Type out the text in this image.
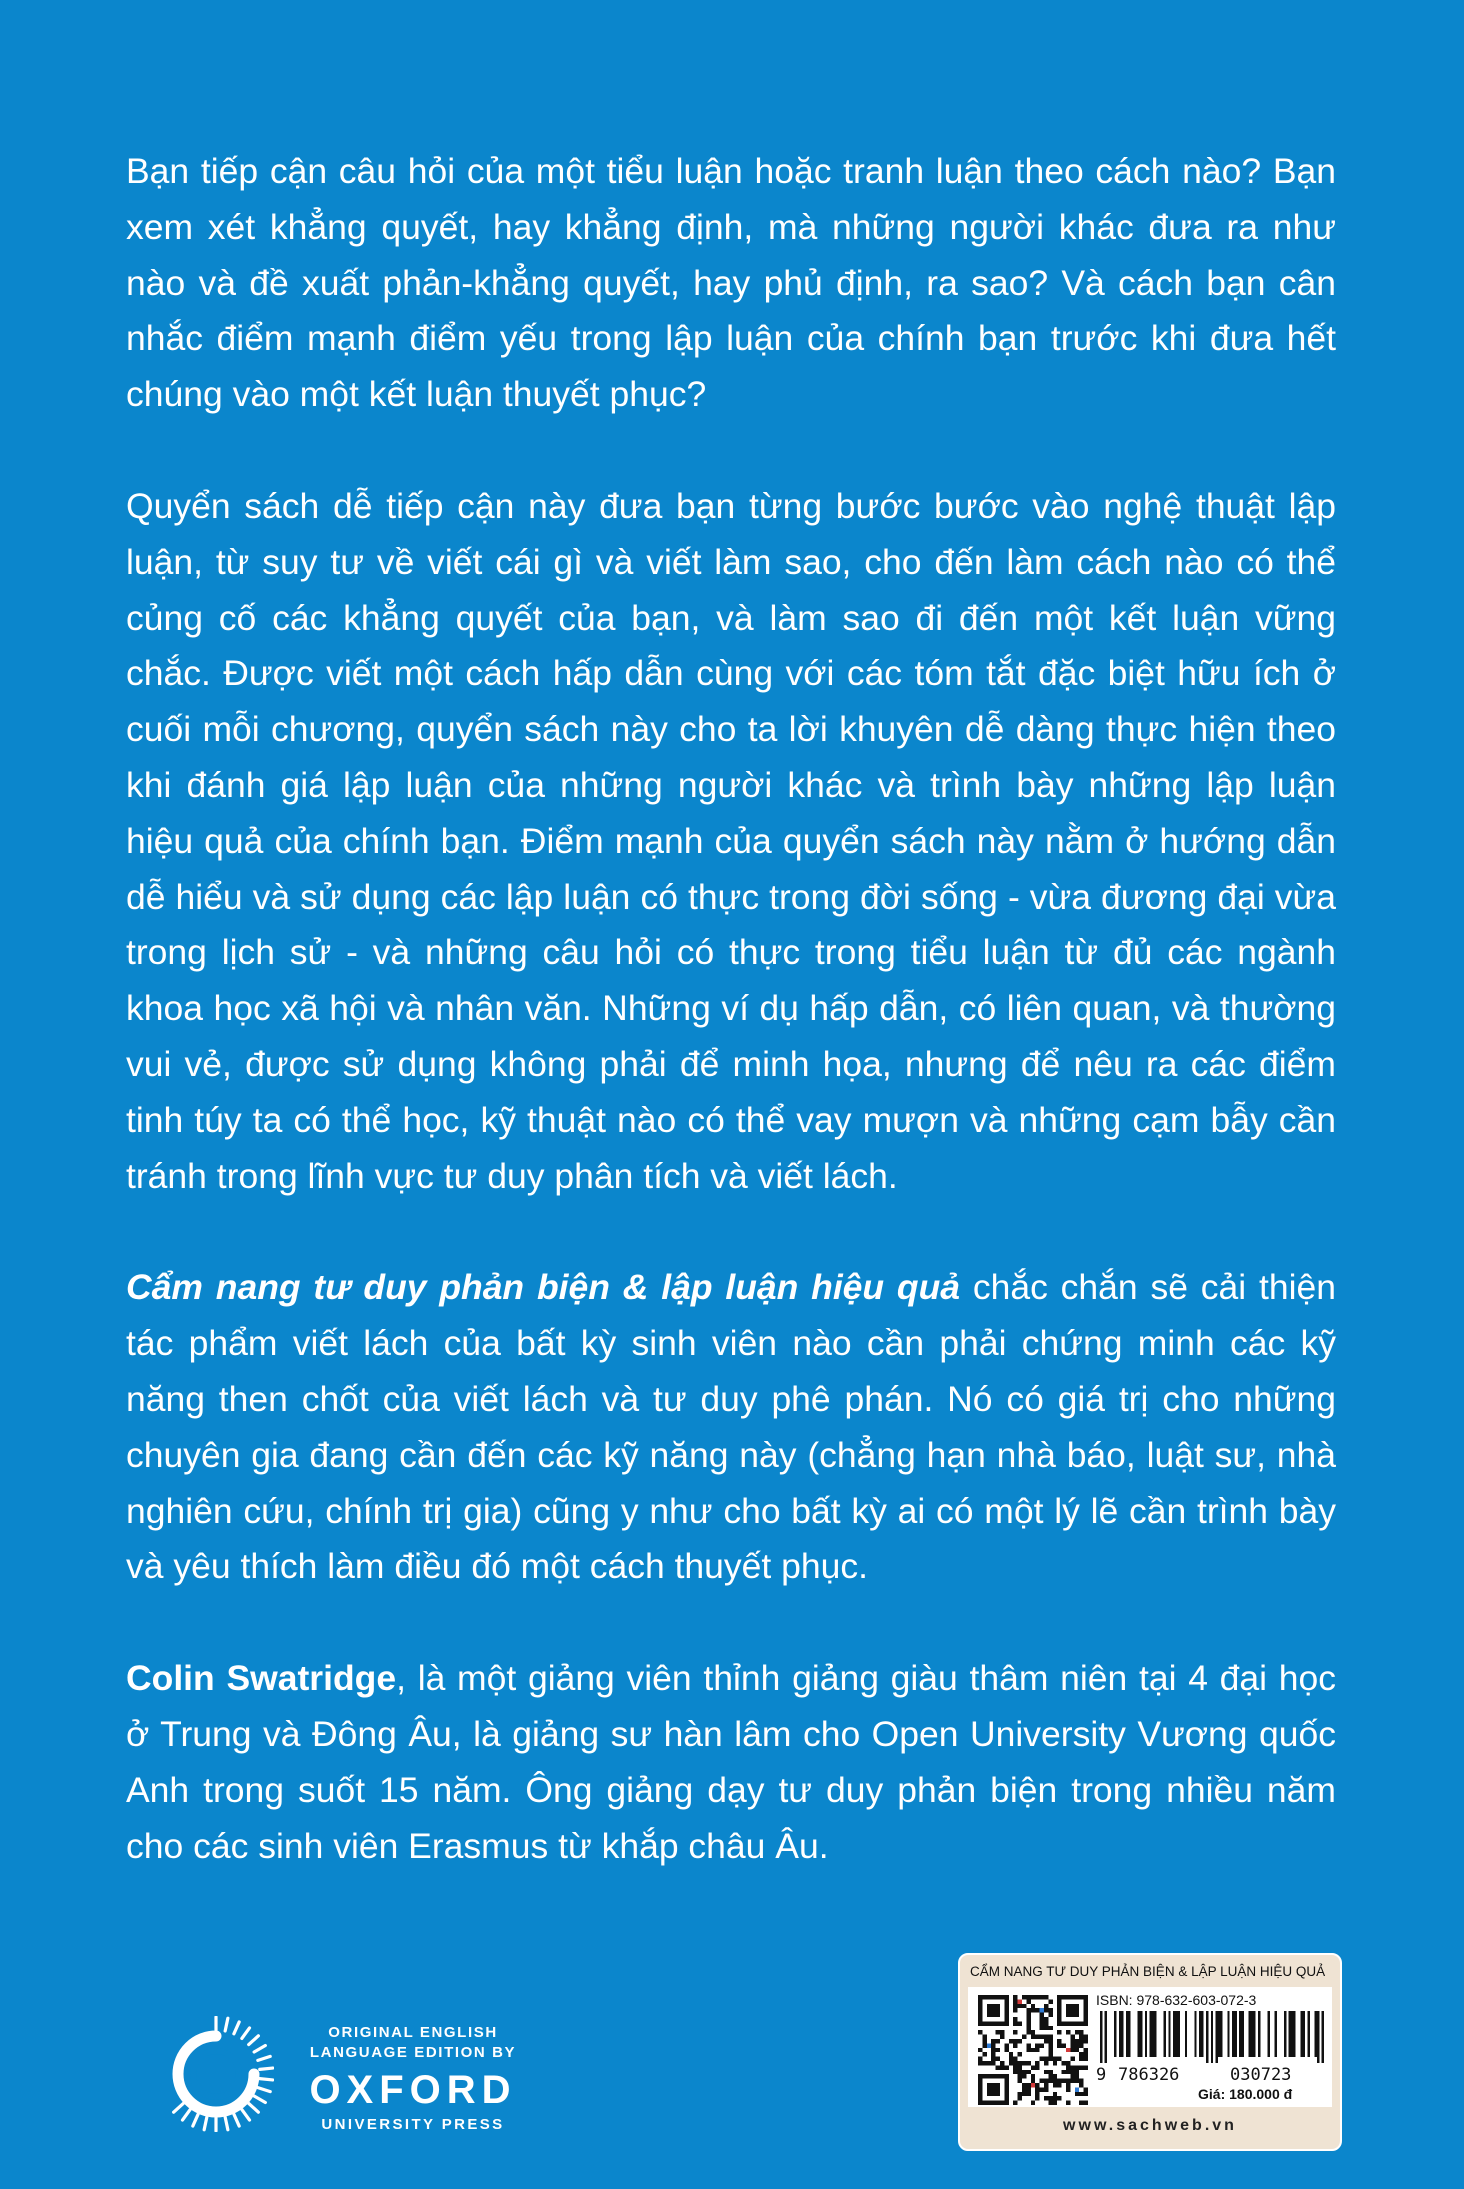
Bạn tiếp cận câu hỏi của một tiểu luận hoặc tranh luận theo cách nào? Bạn xem xét khẳng quyết, hay khẳng định, mà những người khác đưa ra như nào và đề xuất phản-khẳng quyết, hay phủ định, ra sao? Và cách bạn cân nhắc điểm mạnh điểm yếu trong lập luận của chính bạn trước khi đưa hết chúng vào một kết luận thuyết phục?

Quyển sách dễ tiếp cận này đưa bạn từng bước bước vào nghệ thuật lập luận, từ suy tư về viết cái gì và viết làm sao, cho đến làm cách nào có thể củng cố các khẳng quyết của bạn, và làm sao đi đến một kết luận vững chắc. Được viết một cách hấp dẫn cùng với các tóm tắt đặc biệt hữu ích ở cuối mỗi chương, quyển sách này cho ta lời khuyên dễ dàng thực hiện theo khi đánh giá lập luận của những người khác và trình bày những lập luận hiệu quả của chính bạn. Điểm mạnh của quyển sách này nằm ở hướng dẫn dễ hiểu và sử dụng các lập luận có thực trong đời sống - vừa đương đại vừa trong lịch sử - và những câu hỏi có thực trong tiểu luận từ đủ các ngành khoa học xã hội và nhân văn. Những ví dụ hấp dẫn, có liên quan, và thường vui vẻ, được sử dụng không phải để minh họa, nhưng để nêu ra các điểm tinh túy ta có thể học, kỹ thuật nào có thể vay mượn và những cạm bẫy cần tránh trong lĩnh vực tư duy phân tích và viết lách.

Cẩm nang tư duy phản biện & lập luận hiệu quả chắc chắn sẽ cải thiện tác phẩm viết lách của bất kỳ sinh viên nào cần phải chứng minh các kỹ năng then chốt của viết lách và tư duy phê phán. Nó có giá trị cho những chuyên gia đang cần đến các kỹ năng này (chẳng hạn nhà báo, luật sư, nhà nghiên cứu, chính trị gia) cũng y như cho bất kỳ ai có một lý lẽ cần trình bày và yêu thích làm điều đó một cách thuyết phục.

Colin Swatridge, là một giảng viên thỉnh giảng giàu thâm niên tại 4 đại học ở Trung và Đông Âu, là giảng sư hàn lâm cho Open University Vương quốc Anh trong suốt 15 năm. Ông giảng dạy tư duy phản biện trong nhiều năm cho các sinh viên Erasmus từ khắp châu Âu.

ORIGINAL ENGLISH
LANGUAGE EDITION BY
OXFORD
UNIVERSITY PRESS
CẨM NANG TƯ DUY PHẢN BIỆN & LẬP LUẬN HIỆU QUẢ
ISBN: 978-632-603-072-3
9 786326	030723
Giá: 180.000 đ
www.sachweb.vn
